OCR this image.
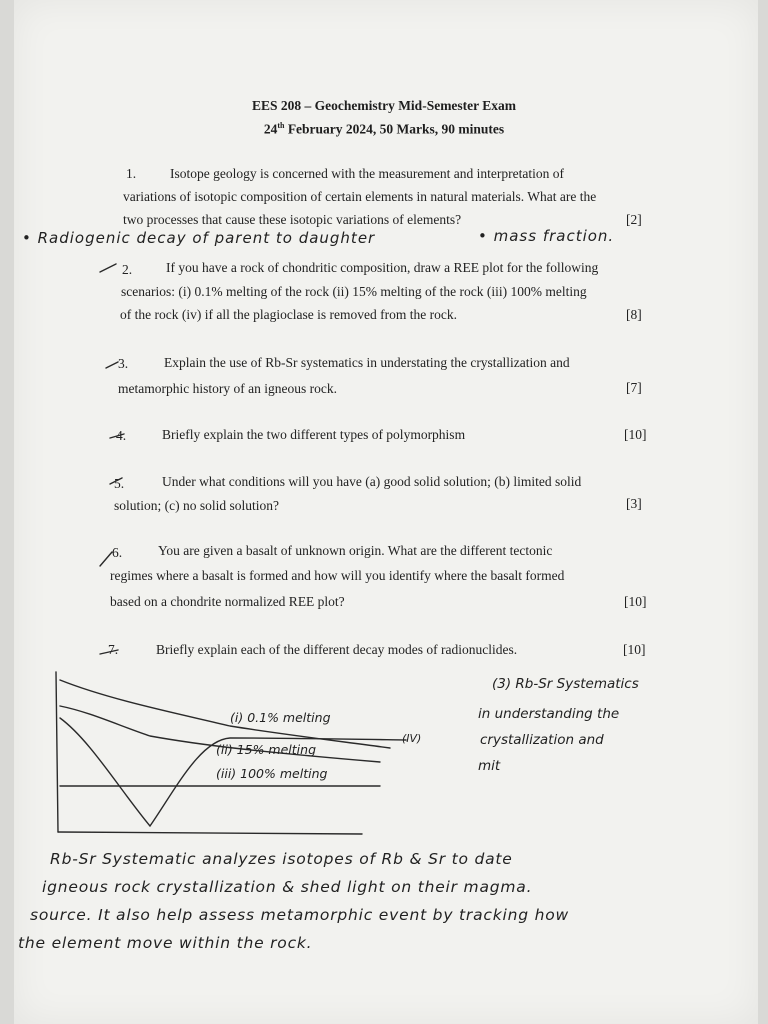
EES 208 – Geochemistry Mid-Semester Exam
24th February 2024, 50 Marks, 90 minutes
1.	Isotope geology is concerned with the measurement and interpretation of
variations of isotopic composition of certain elements in natural materials. What are the
two processes that cause these isotopic variations of elements?	[2]
• Radiogenic decay of parent to daughter	• mass fraction.
2.	If you have a rock of chondritic composition, draw a REE plot for the following
scenarios: (i) 0.1% melting of the rock (ii) 15% melting of the rock (iii) 100% melting
of the rock (iv) if all the plagioclase is removed from the rock.	[8]
3.	Explain the use of Rb-Sr systematics in understating the crystallization and
metamorphic history of an igneous rock.	[7]
4.	Briefly explain the two different types of polymorphism	[10]
5.	Under what conditions will you have (a) good solid solution; (b) limited solid
solution; (c) no solid solution?	[3]
6.	You are given a basalt of unknown origin. What are the different tectonic
regimes where a basalt is formed and how will you identify where the basalt formed
based on a chondrite normalized REE plot?	[10]
7.	Briefly explain each of the different decay modes of radionuclides.	[10]
(i) 0.1% melting
(ii) 15% melting
(iii) 100% melting
(IV)
(3) Rb-Sr Systematics
in understanding the
crystallization and
mit
Rb-Sr Systematic analyzes isotopes of Rb & Sr to date
igneous rock crystallization & shed light on their magma.
source. It also help assess metamorphic event by tracking how
the element move within the rock.
